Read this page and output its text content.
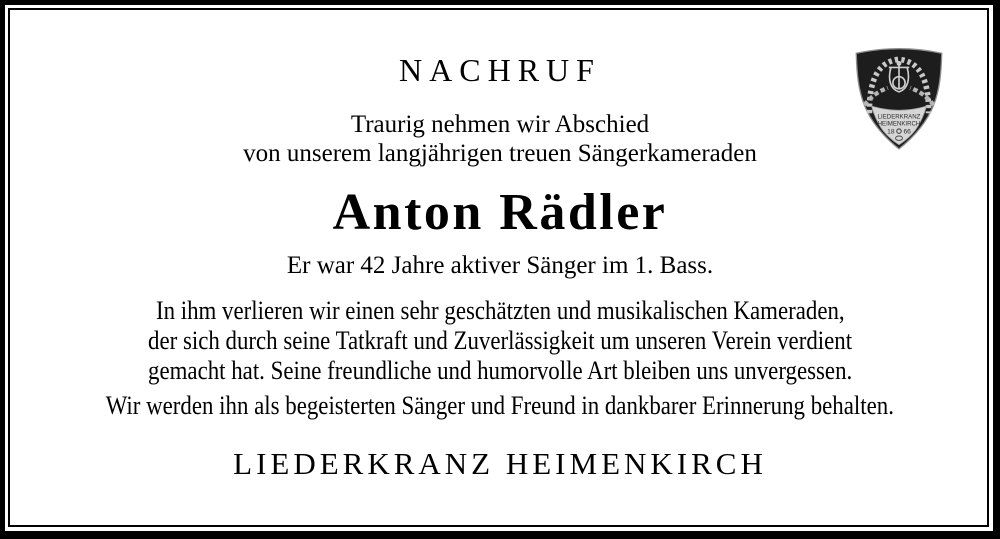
NACHRUF
Traurig nehmen wir Abschied
von unserem langjährigen treuen Sängerkameraden
Anton Rädler
Er war 42 Jahre aktiver Sänger im 1. Bass.
In ihm verlieren wir einen sehr geschätzten und musikalischen Kameraden,
der sich durch seine Tatkraft und Zuverlässigkeit um unseren Verein verdient
gemacht hat. Seine freundliche und humorvolle Art bleiben uns unvergessen.
Wir werden ihn als begeisterten Sänger und Freund in dankbarer Erinnerung behalten.
LIEDERKRANZ HEIMENKIRCH
LIEDERKRANZ
HEIMENKIRCH
18 66
